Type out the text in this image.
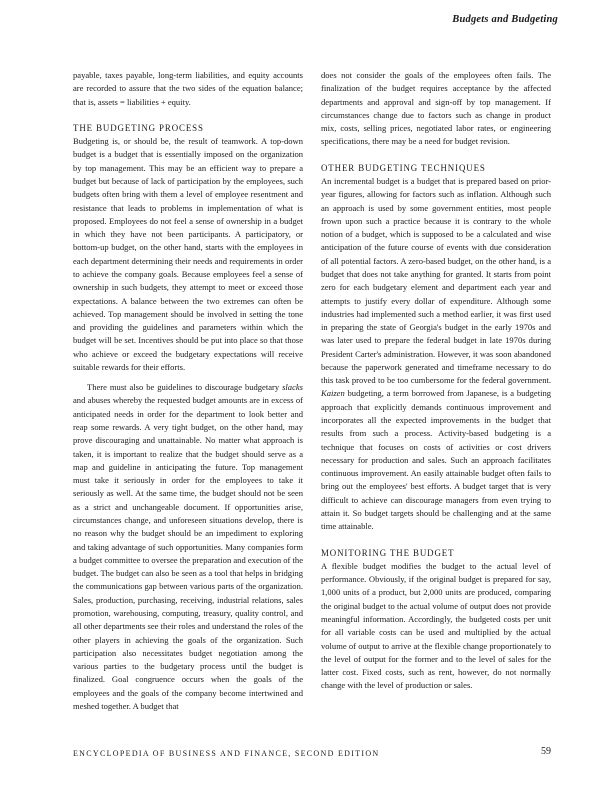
Budgets and Budgeting

payable, taxes payable, long-term liabilities, and equity accounts are recorded to assure that the two sides of the equation balance; that is, assets = liabilities + equity.

THE BUDGETING PROCESS

Budgeting is, or should be, the result of teamwork. A top-down budget is a budget that is essentially imposed on the organization by top management. This may be an efficient way to prepare a budget but because of lack of participation by the employees, such budgets often bring with them a level of employee resentment and resistance that leads to problems in implementation of what is proposed. Employees do not feel a sense of ownership in a budget in which they have not been participants. A participatory, or bottom-up budget, on the other hand, starts with the employees in each department determining their needs and requirements in order to achieve the company goals. Because employees feel a sense of ownership in such budgets, they attempt to meet or exceed those expectations. A balance between the two extremes can often be achieved. Top management should be involved in setting the tone and providing the guidelines and parameters within which the budget will be set. Incentives should be put into place so that those who achieve or exceed the budgetary expectations will receive suitable rewards for their efforts.

There must also be guidelines to discourage budgetary slacks and abuses whereby the requested budget amounts are in excess of anticipated needs in order for the department to look better and reap some rewards. A very tight budget, on the other hand, may prove discouraging and unattainable. No matter what approach is taken, it is important to realize that the budget should serve as a map and guideline in anticipating the future. Top management must take it seriously in order for the employees to take it seriously as well. At the same time, the budget should not be seen as a strict and unchangeable document. If opportunities arise, circumstances change, and unforeseen situations develop, there is no reason why the budget should be an impediment to exploring and taking advantage of such opportunities. Many companies form a budget committee to oversee the preparation and execution of the budget. The budget can also be seen as a tool that helps in bridging the communications gap between various parts of the organization. Sales, production, purchasing, receiving, industrial relations, sales promotion, warehousing, computing, treasury, quality control, and all other departments see their roles and understand the roles of the other players in achieving the goals of the organization. Such participation also necessitates budget negotiation among the various parties to the budgetary process until the budget is finalized. Goal congruence occurs when the goals of the employees and the goals of the company become intertwined and meshed together. A budget that

does not consider the goals of the employees often fails. The finalization of the budget requires acceptance by the affected departments and approval and sign-off by top management. If circumstances change due to factors such as change in product mix, costs, selling prices, negotiated labor rates, or engineering specifications, there may be a need for budget revision.

OTHER BUDGETING TECHNIQUES

An incremental budget is a budget that is prepared based on prior-year figures, allowing for factors such as inflation. Although such an approach is used by some government entities, most people frown upon such a practice because it is contrary to the whole notion of a budget, which is supposed to be a calculated and wise anticipation of the future course of events with due consideration of all potential factors. A zero-based budget, on the other hand, is a budget that does not take anything for granted. It starts from point zero for each budgetary element and department each year and attempts to justify every dollar of expenditure. Although some industries had implemented such a method earlier, it was first used in preparing the state of Georgia's budget in the early 1970s and was later used to prepare the federal budget in late 1970s during President Carter's administration. However, it was soon abandoned because the paperwork generated and timeframe necessary to do this task proved to be too cumbersome for the federal government. Kaizen budgeting, a term borrowed from Japanese, is a budgeting approach that explicitly demands continuous improvement and incorporates all the expected improvements in the budget that results from such a process. Activity-based budgeting is a technique that focuses on costs of activities or cost drivers necessary for production and sales. Such an approach facilitates continuous improvement. An easily attainable budget often fails to bring out the employees' best efforts. A budget target that is very difficult to achieve can discourage managers from even trying to attain it. So budget targets should be challenging and at the same time attainable.

MONITORING THE BUDGET

A flexible budget modifies the budget to the actual level of performance. Obviously, if the original budget is prepared for say, 1,000 units of a product, but 2,000 units are produced, comparing the original budget to the actual volume of output does not provide meaningful information. Accordingly, the budgeted costs per unit for all variable costs can be used and multiplied by the actual volume of output to arrive at the flexible change proportionately to the level of output for the former and to the level of sales for the latter cost. Fixed costs, such as rent, however, do not normally change with the level of production or sales.

ENCYCLOPEDIA OF BUSINESS AND FINANCE, SECOND EDITION	59
